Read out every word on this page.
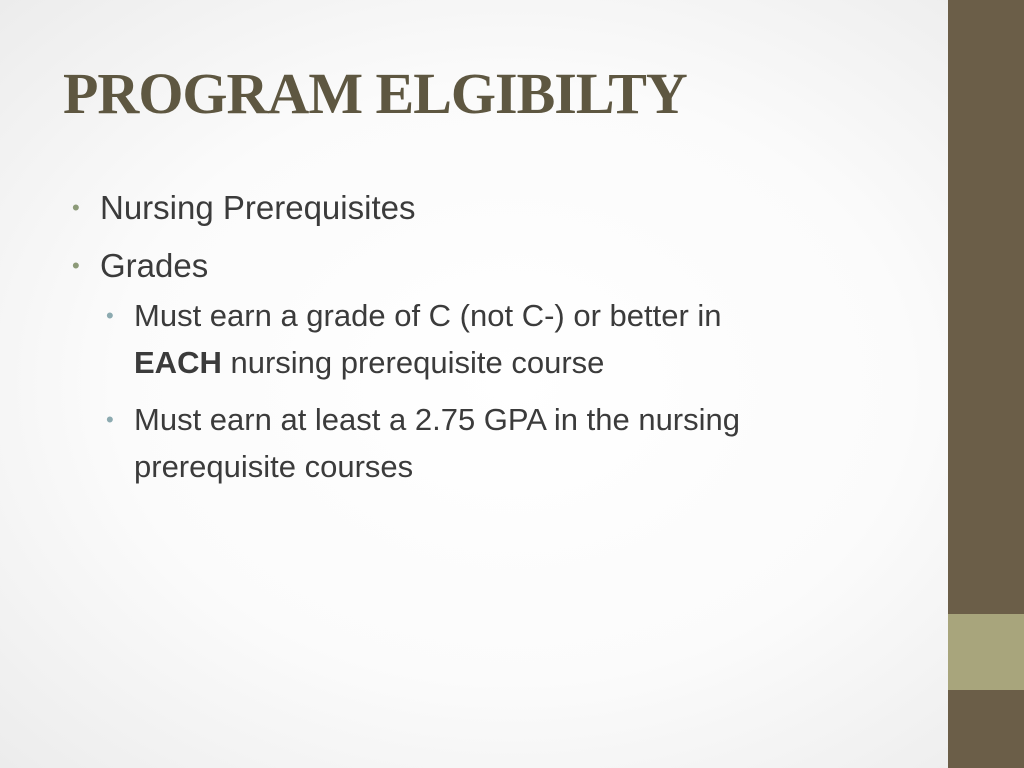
PROGRAM ELGIBILTY
• Nursing Prerequisites
• Grades
• Must earn a grade of C (not C-) or better in
EACH nursing prerequisite course
• Must earn at least a 2.75 GPA in the nursing prerequisite courses
